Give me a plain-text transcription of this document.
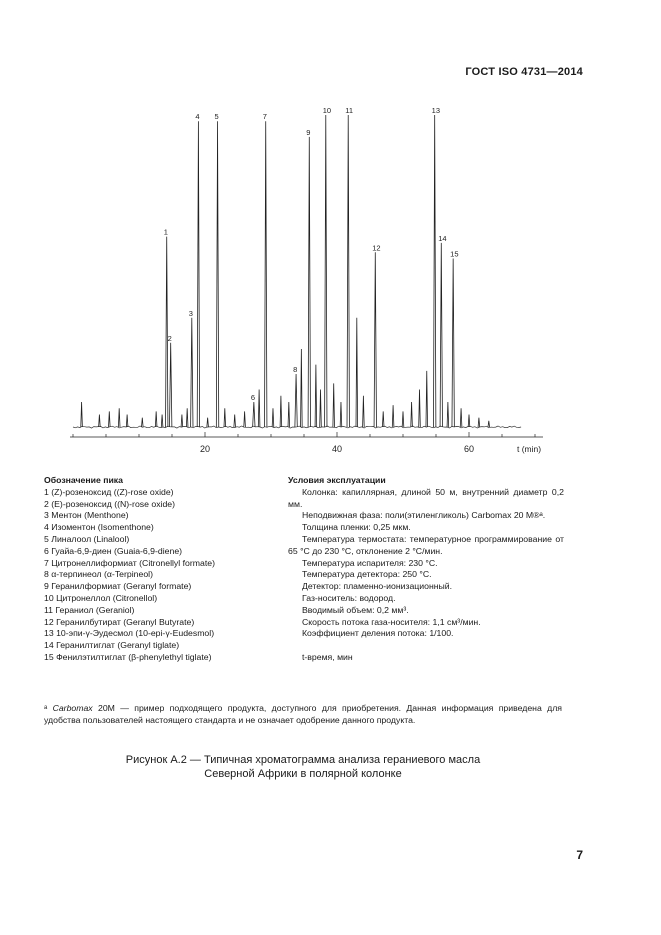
ГОСТ ISO 4731—2014
1
2
3
4 5
6
7
8
9
10 11
12
13
14
15
20	40	60	t (min)
Обозначение пика
1 (Z)-розеноксид ((Z)-rose oxide)
2 (E)-розеноксид ((N)-rose oxide)
3 Ментон (Menthone)
4 Изоментон (Isomenthone)
5 Линалоол (Linalool)
6 Гуайа-6,9-диен (Guaia-6,9-diene)
7 Цитронеллиформиат (Citronellyl formate)
8 α-терпинеол (α-Terpineol)
9 Геранилформиат (Geranyl formate)
10 Цитронеллол (Citronellol)
11 Гераниол (Geraniol)
12 Геранилбутират (Geranyl Butyrate)
13 10-эпи-γ-Эудесмол (10-epi-γ-Eudesmol)
14 Геранилтиглат (Geranyl tiglate)
15 Фенилэтилтиглат (β-phenylethyl tiglate)
Условия эксплуатации
Колонка: капиллярная, длиной 50 м, внутренний диаметр 0,2 мм.
Неподвижная фаза: поли(этиленгликоль) Carbomax 20 M®ᵃ.
Толщина пленки: 0,25 мкм.
Температура термостата: температурное программирование от 65 °С до 230 °С, отклонение 2 °С/мин.
Температура испарителя: 230 °С.
Температура детектора: 250 °С.
Детектор: пламенно-ионизационный.
Газ-носитель: водород.
Вводимый объем: 0,2 мм³.
Скорость потока газа-носителя: 1,1 см³/мин.
Коэффициент деления потока: 1/100.
t-время, мин
ᵃ Carbomax 20М — пример подходящего продукта, доступного для приобретения. Данная информация приведена для удобства пользователей настоящего стандарта и не означает одобрение данного продукта.
Рисунок А.2 — Типичная хроматограмма анализа гераниевого масла
Северной Африки в полярной колонке
7
